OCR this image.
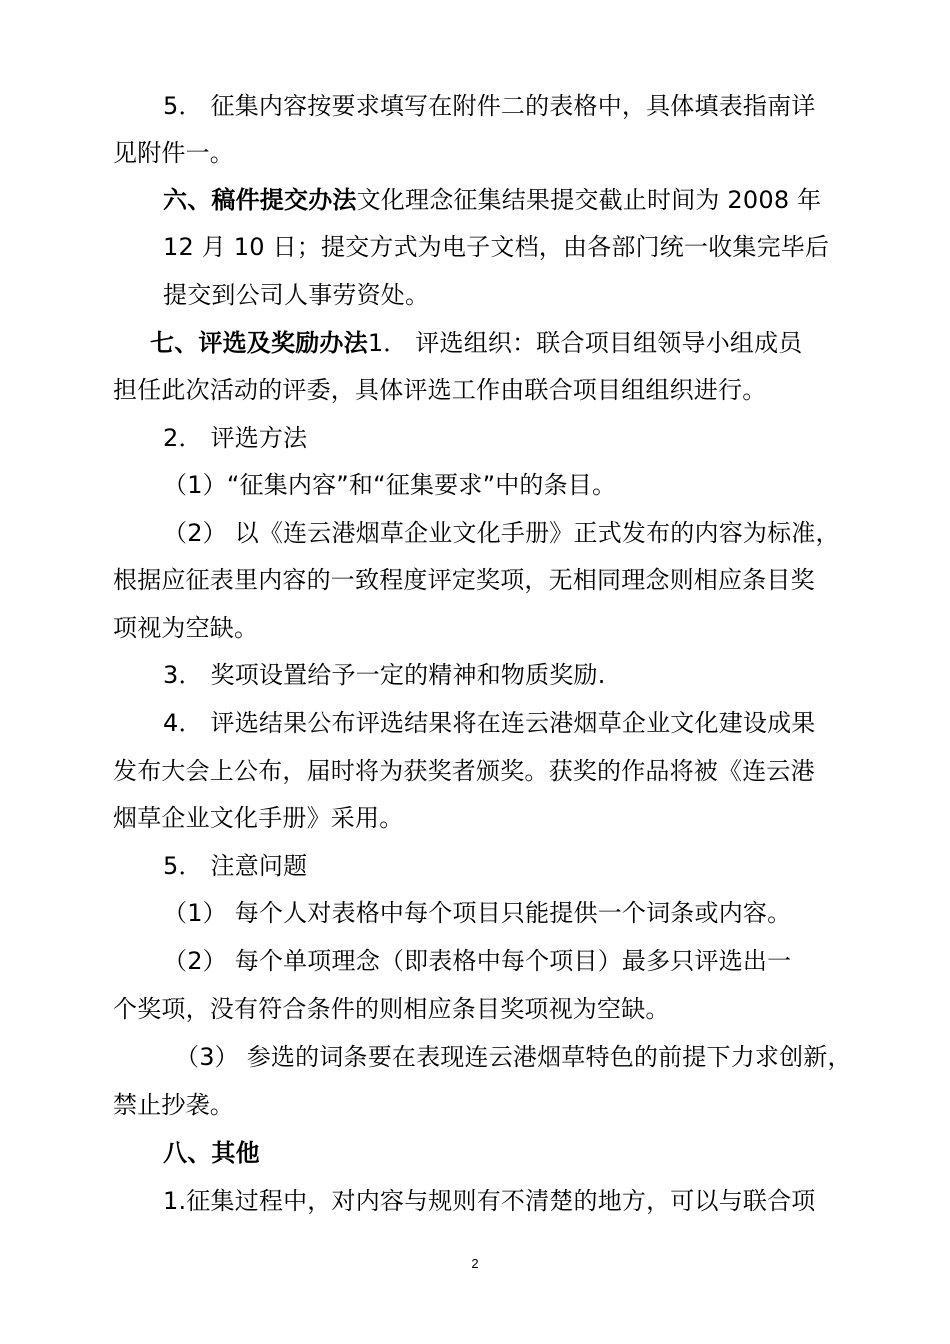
5． 征集内容按要求填写在附件二的表格中，具体填表指南详
见附件一。
六、稿件提交办法文化理念征集结果提交截止时间为 2008 年
12 月 10 日；提交方式为电子文档，由各部门统一收集完毕后
提交到公司人事劳资处。
七、评选及奖励办法1． 评选组织：联合项目组领导小组成员
担任此次活动的评委，具体评选工作由联合项目组组织进行。
2． 评选方法
（1）“征集内容”和“征集要求”中的条目。
（2） 以《连云港烟草企业文化手册》正式发布的内容为标准，
根据应征表里内容的一致程度评定奖项，无相同理念则相应条目奖
项视为空缺。
3． 奖项设置给予一定的精神和物质奖励.
4． 评选结果公布评选结果将在连云港烟草企业文化建设成果
发布大会上公布，届时将为获奖者颁奖。获奖的作品将被《连云港
烟草企业文化手册》采用。
5． 注意问题
（1） 每个人对表格中每个项目只能提供一个词条或内容。
（2） 每个单项理念（即表格中每个项目）最多只评选出一
个奖项，没有符合条件的则相应条目奖项视为空缺。
（3） 参选的词条要在表现连云港烟草特色的前提下力求创新，
禁止抄袭。
八、其他
1.征集过程中，对内容与规则有不清楚的地方，可以与联合项
2
